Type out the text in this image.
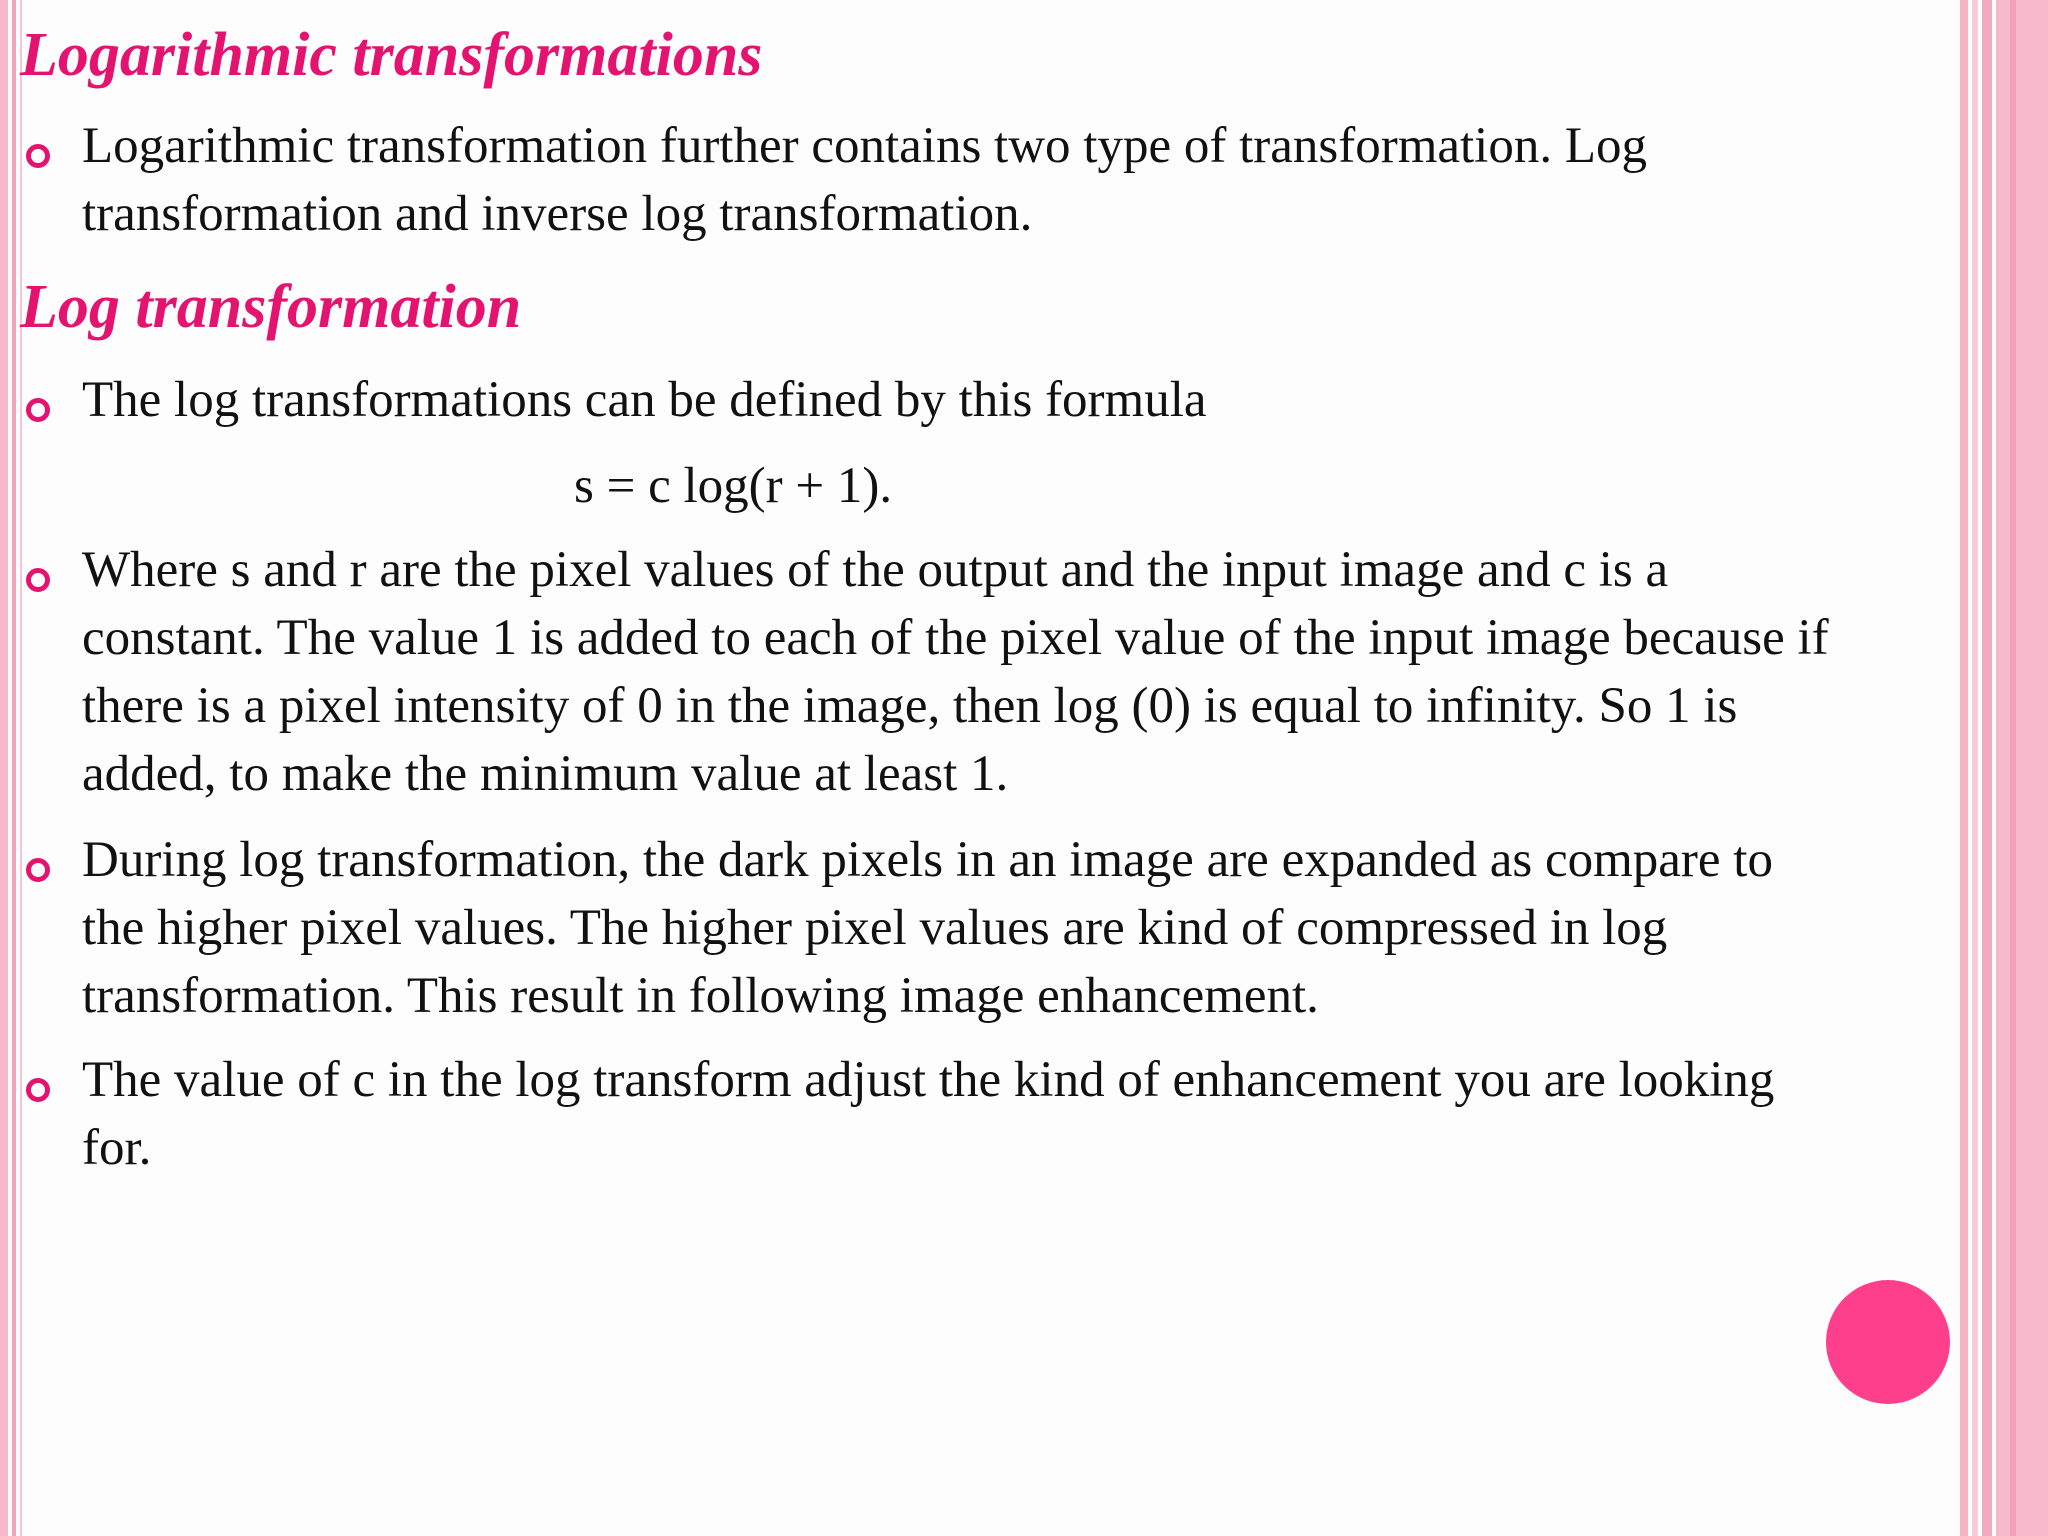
Logarithmic transformations

Logarithmic transformation further contains two type of transformation. Log
transformation and inverse log transformation.

Log transformation

The log transformations can be defined by this formula

s = c log(r + 1).

Where s and r are the pixel values of the output and the input image and c is a
constant. The value 1 is added to each of the pixel value of the input image because if
there is a pixel intensity of 0 in the image, then log (0) is equal to infinity. So 1 is
added, to make the minimum value at least 1.

During log transformation, the dark pixels in an image are expanded as compare to
the higher pixel values. The higher pixel values are kind of compressed in log
transformation. This result in following image enhancement.

The value of c in the log transform adjust the kind of enhancement you are looking
for.
